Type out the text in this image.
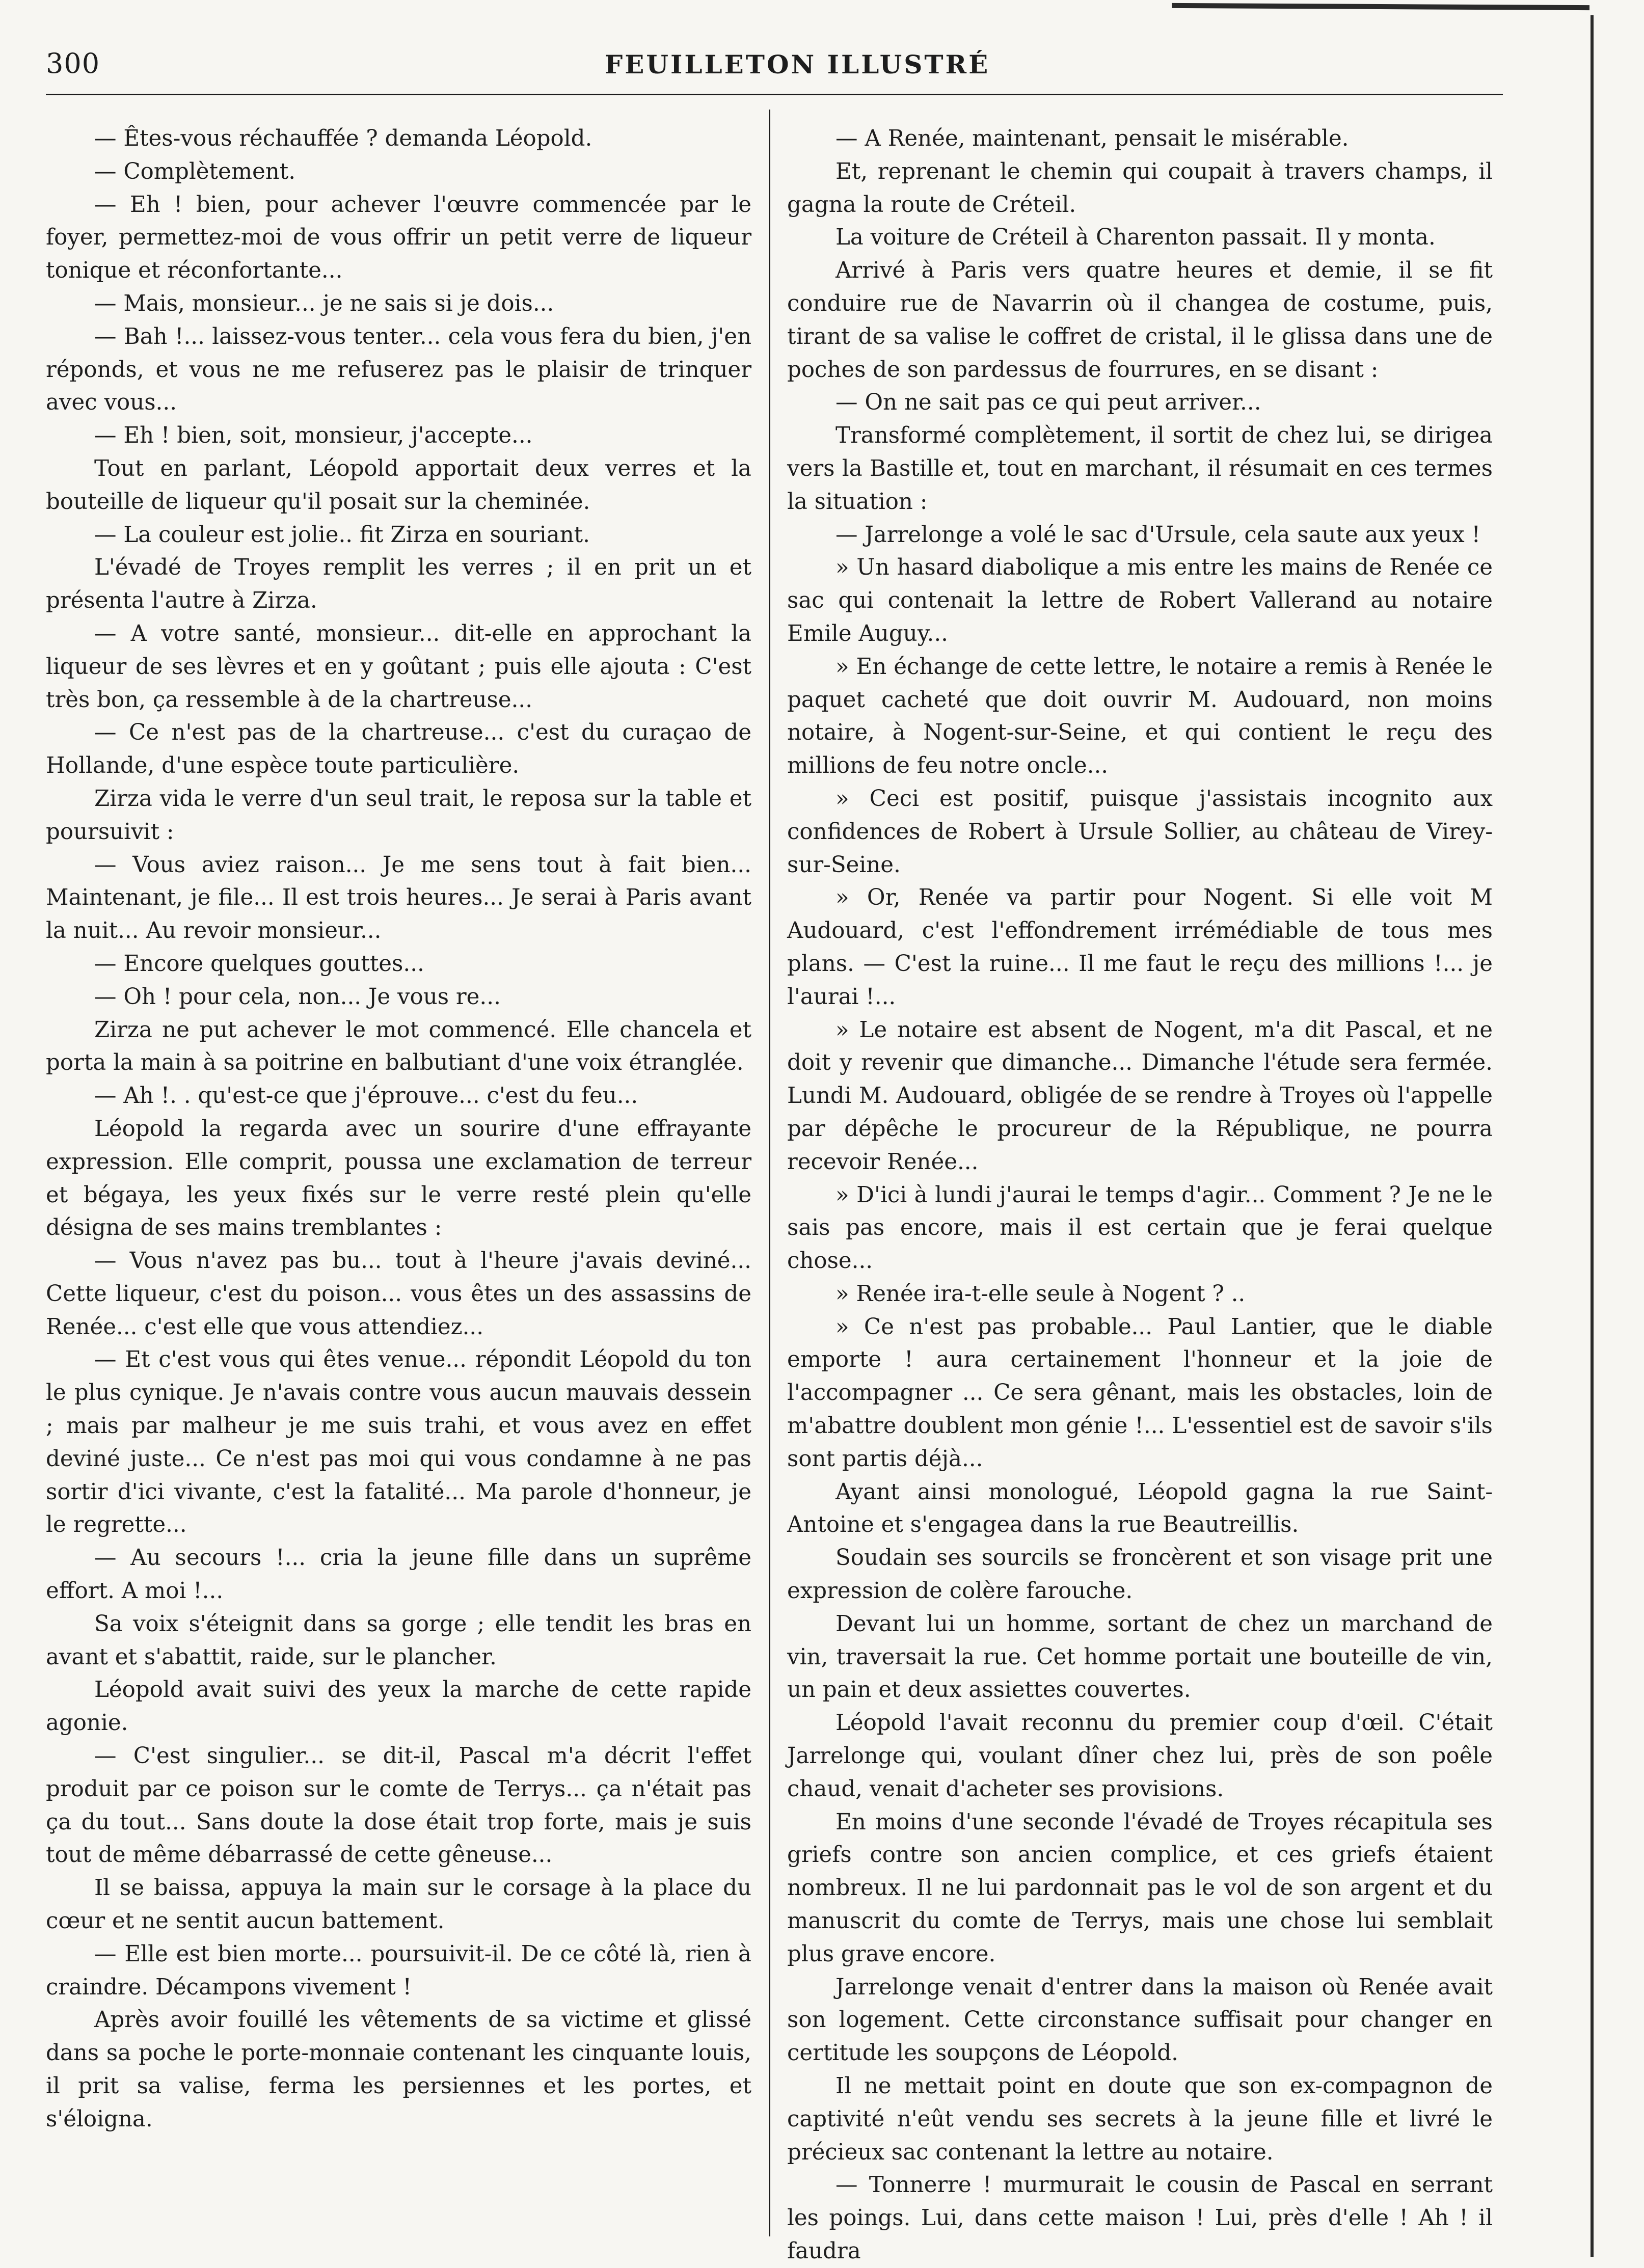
300	FEUILLETON ILLUSTRÉ

— Êtes-vous réchauffée ? demanda Léopold.

— Complètement.

— Eh ! bien, pour achever l'œuvre commencée par le foyer, permettez-moi de vous offrir un petit verre de liqueur tonique et réconfortante...

— Mais, monsieur... je ne sais si je dois...

— Bah !... laissez-vous tenter... cela vous fera du bien, j'en réponds, et vous ne me refuserez pas le plaisir de trinquer avec vous...

— Eh ! bien, soit, monsieur, j'accepte...

Tout en parlant, Léopold apportait deux verres et la bouteille de liqueur qu'il posait sur la cheminée.

— La couleur est jolie.. fit Zirza en souriant.

L'évadé de Troyes remplit les verres ; il en prit un et présenta l'autre à Zirza.

— A votre santé, monsieur... dit-elle en approchant la liqueur de ses lèvres et en y goûtant ; puis elle ajouta : C'est très bon, ça ressemble à de la chartreuse...

— Ce n'est pas de la chartreuse... c'est du curaçao de Hollande, d'une espèce toute particulière.

Zirza vida le verre d'un seul trait, le reposa sur la table et poursuivit :

— Vous aviez raison... Je me sens tout à fait bien... Maintenant, je file... Il est trois heures... Je serai à Paris avant la nuit... Au revoir monsieur...

— Encore quelques gouttes...

— Oh ! pour cela, non... Je vous re...

Zirza ne put achever le mot commencé. Elle chancela et porta la main à sa poitrine en balbutiant d'une voix étranglée.

— Ah !. . qu'est-ce que j'éprouve... c'est du feu...

Léopold la regarda avec un sourire d'une effrayante expression. Elle comprit, poussa une exclamation de terreur et bégaya, les yeux fixés sur le verre resté plein qu'elle désigna de ses mains tremblantes :

— Vous n'avez pas bu... tout à l'heure j'avais deviné... Cette liqueur, c'est du poison... vous êtes un des assassins de Renée... c'est elle que vous attendiez...

— Et c'est vous qui êtes venue... répondit Léopold du ton le plus cynique. Je n'avais contre vous aucun mauvais dessein ; mais par malheur je me suis trahi, et vous avez en effet deviné juste... Ce n'est pas moi qui vous condamne à ne pas sortir d'ici vivante, c'est la fatalité... Ma parole d'honneur, je le regrette...

— Au secours !... cria la jeune fille dans un suprême effort. A moi !...

Sa voix s'éteignit dans sa gorge ; elle tendit les bras en avant et s'abattit, raide, sur le plancher.

Léopold avait suivi des yeux la marche de cette rapide agonie.

— C'est singulier... se dit-il, Pascal m'a décrit l'effet produit par ce poison sur le comte de Terrys... ça n'était pas ça du tout... Sans doute la dose était trop forte, mais je suis tout de même débarrassé de cette gêneuse...

Il se baissa, appuya la main sur le corsage à la place du cœur et ne sentit aucun battement.

— Elle est bien morte... poursuivit-il. De ce côté là, rien à craindre. Décampons vivement !

Après avoir fouillé les vêtements de sa victime et glissé dans sa poche le porte-monnaie contenant les cinquante louis, il prit sa valise, ferma les persiennes et les portes, et s'éloigna.

— A Renée, maintenant, pensait le misérable.

Et, reprenant le chemin qui coupait à travers champs, il gagna la route de Créteil.

La voiture de Créteil à Charenton passait. Il y monta.

Arrivé à Paris vers quatre heures et demie, il se fit conduire rue de Navarrin où il changea de costume, puis, tirant de sa valise le coffret de cristal, il le glissa dans une de poches de son pardessus de fourrures, en se disant :

— On ne sait pas ce qui peut arriver...

Transformé complètement, il sortit de chez lui, se dirigea vers la Bastille et, tout en marchant, il résumait en ces termes la situation :

— Jarrelonge a volé le sac d'Ursule, cela saute aux yeux !

» Un hasard diabolique a mis entre les mains de Renée ce sac qui contenait la lettre de Robert Vallerand au notaire Emile Auguy...

» En échange de cette lettre, le notaire a remis à Renée le paquet cacheté que doit ouvrir M. Audouard, non moins notaire, à Nogent-sur-Seine, et qui contient le reçu des millions de feu notre oncle...

» Ceci est positif, puisque j'assistais incognito aux confidences de Robert à Ursule Sollier, au château de Virey-sur-Seine.

» Or, Renée va partir pour Nogent. Si elle voit M Audouard, c'est l'effondrement irrémédiable de tous mes plans. — C'est la ruine... Il me faut le reçu des millions !... je l'aurai !...

» Le notaire est absent de Nogent, m'a dit Pascal, et ne doit y revenir que dimanche... Dimanche l'étude sera fermée. Lundi M. Audouard, obligée de se rendre à Troyes où l'appelle par dépêche le procureur de la République, ne pourra recevoir Renée...

» D'ici à lundi j'aurai le temps d'agir... Comment ? Je ne le sais pas encore, mais il est certain que je ferai quelque chose...

» Renée ira-t-elle seule à Nogent ? ..

» Ce n'est pas probable... Paul Lantier, que le diable emporte ! aura certainement l'honneur et la joie de l'accompagner ... Ce sera gênant, mais les obstacles, loin de m'abattre doublent mon génie !... L'essentiel est de savoir s'ils sont partis déjà...

Ayant ainsi monologué, Léopold gagna la rue Saint-Antoine et s'engagea dans la rue Beautreillis.

Soudain ses sourcils se froncèrent et son visage prit une expression de colère farouche.

Devant lui un homme, sortant de chez un marchand de vin, traversait la rue. Cet homme portait une bouteille de vin, un pain et deux assiettes couvertes.

Léopold l'avait reconnu du premier coup d'œil. C'était Jarrelonge qui, voulant dîner chez lui, près de son poêle chaud, venait d'acheter ses provisions.

En moins d'une seconde l'évadé de Troyes récapitula ses griefs contre son ancien complice, et ces griefs étaient nombreux. Il ne lui pardonnait pas le vol de son argent et du manuscrit du comte de Terrys, mais une chose lui semblait plus grave encore.

Jarrelonge venait d'entrer dans la maison où Renée avait son logement. Cette circonstance suffisait pour changer en certitude les soupçons de Léopold.

Il ne mettait point en doute que son ex-compagnon de captivité n'eût vendu ses secrets à la jeune fille et livré le précieux sac contenant la lettre au notaire.

— Tonnerre ! murmurait le cousin de Pascal en serrant les poings. Lui, dans cette maison ! Lui, près d'elle ! Ah ! il faudra
